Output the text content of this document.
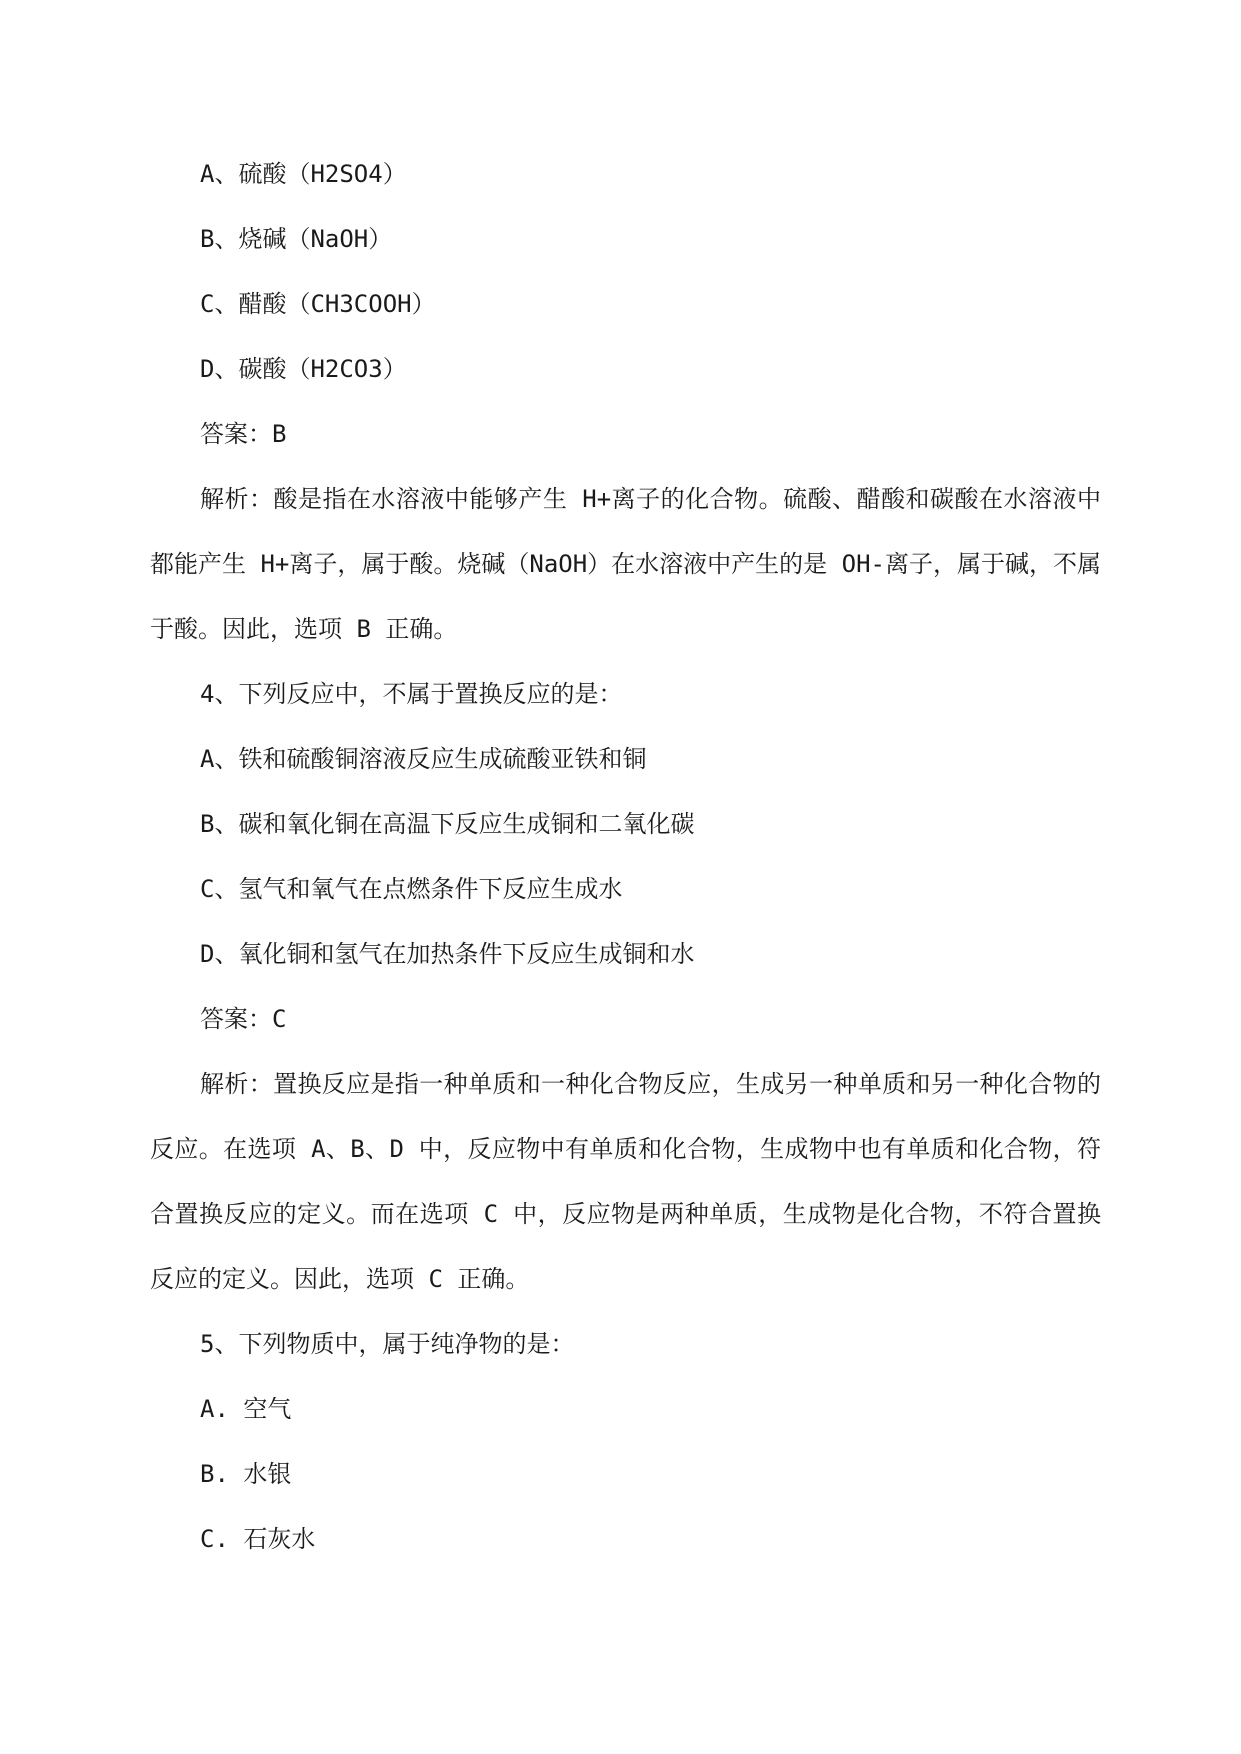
A、硫酸（H2SO4）

B、烧碱（NaOH）

C、醋酸（CH3COOH）

D、碳酸（H2CO3）

答案：B

解析：酸是指在水溶液中能够产生 H+离子的化合物。硫酸、醋酸和碳酸在水溶液中都能产生 H+离子，属于酸。烧碱（NaOH）在水溶液中产生的是 OH-离子，属于碱，不属于酸。因此，选项 B 正确。

4、下列反应中，不属于置换反应的是：

A、铁和硫酸铜溶液反应生成硫酸亚铁和铜

B、碳和氧化铜在高温下反应生成铜和二氧化碳

C、氢气和氧气在点燃条件下反应生成水

D、氧化铜和氢气在加热条件下反应生成铜和水

答案：C

解析：置换反应是指一种单质和一种化合物反应，生成另一种单质和另一种化合物的反应。在选项 A、B、D 中，反应物中有单质和化合物，生成物中也有单质和化合物，符合置换反应的定义。而在选项 C 中，反应物是两种单质，生成物是化合物，不符合置换反应的定义。因此，选项 C 正确。

5、下列物质中，属于纯净物的是：

A. 空气

B. 水银

C. 石灰水
